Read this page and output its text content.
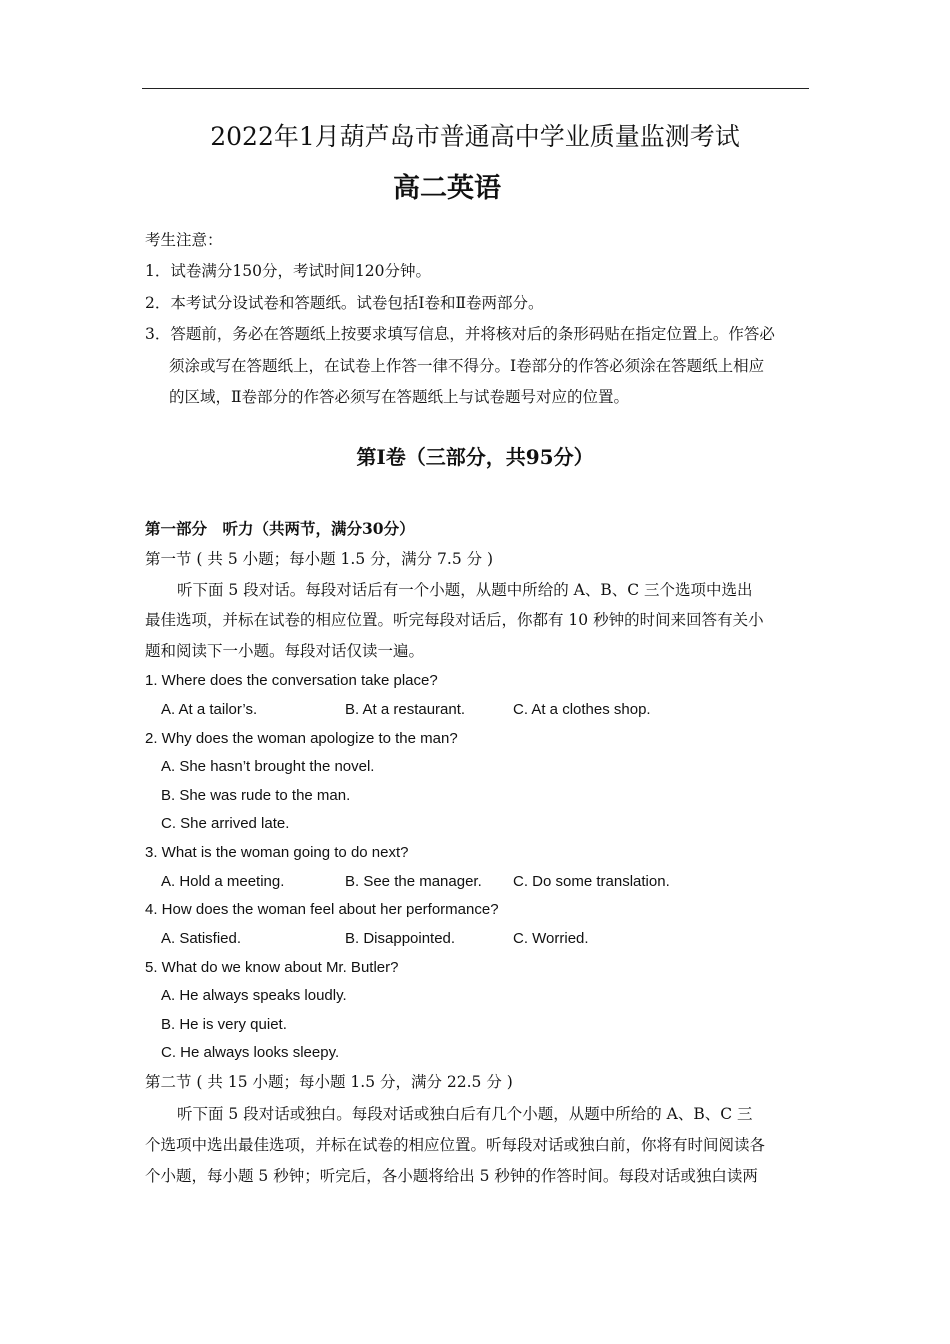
2022年1月葫芦岛市普通高中学业质量监测考试
高二英语
考生注意：
1．试卷满分150分，考试时间120分钟。
2．本考试分设试卷和答题纸。试卷包括Ⅰ卷和Ⅱ卷两部分。
3．答题前，务必在答题纸上按要求填写信息，并将核对后的条形码贴在指定位置上。作答必
须涂或写在答题纸上，在试卷上作答一律不得分。Ⅰ卷部分的作答必须涂在答题纸上相应
的区域，Ⅱ卷部分的作答必须写在答题纸上与试卷题号对应的位置。
第Ⅰ卷（三部分，共95分）
第一部分　听力（共两节，满分30分）
第一节 ( 共 5 小题；每小题 1.5 分，满分 7.5 分 )
听下面 5 段对话。每段对话后有一个小题，从题中所给的 A、B、C 三个选项中选出
最佳选项，并标在试卷的相应位置。听完每段对话后，你都有 10 秒钟的时间来回答有关小
题和阅读下一小题。每段对话仅读一遍。
1. Where does the conversation take place?
A. At a tailor’s.	B. At a restaurant.	C. At a clothes shop.
2. Why does the woman apologize to the man?
A. She hasn’t brought the novel.
B. She was rude to the man.
C. She arrived late.
3. What is the woman going to do next?
A. Hold a meeting.	B. See the manager. C. Do some translation.
4. How does the woman feel about her performance?
A. Satisfied.	B. Disappointed.	C. Worried.
5. What do we know about Mr. Butler?
A. He always speaks loudly.
B. He is very quiet.
C. He always looks sleepy.
第二节 ( 共 15 小题；每小题 1.5 分，满分 22.5 分 )
听下面 5 段对话或独白。每段对话或独白后有几个小题，从题中所给的 A、B、C 三
个选项中选出最佳选项，并标在试卷的相应位置。听每段对话或独白前，你将有时间阅读各
个小题，每小题 5 秒钟；听完后，各小题将给出 5 秒钟的作答时间。每段对话或独白读两
